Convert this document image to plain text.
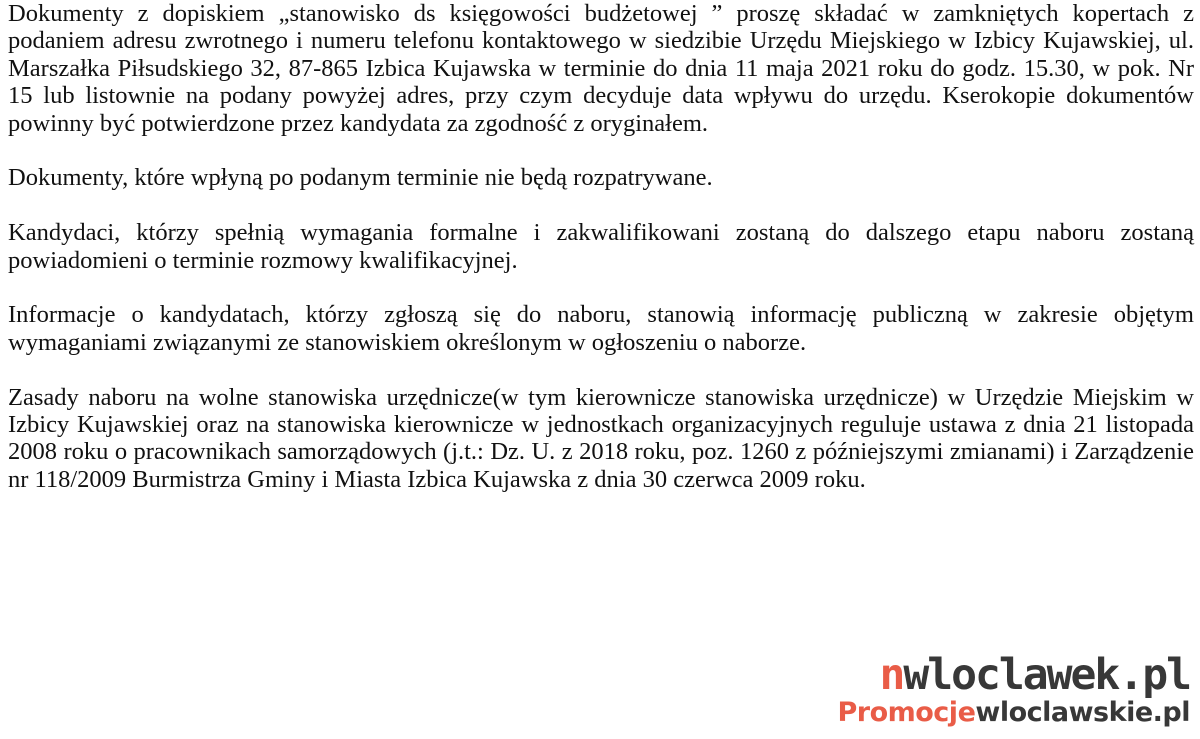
Dokumenty z dopiskiem „stanowisko ds księgowości budżetowej ” proszę składać w zamkniętych kopertach z podaniem adresu zwrotnego i numeru telefonu kontaktowego w siedzibie Urzędu Miejskiego w Izbicy Kujawskiej, ul. Marszałka Piłsudskiego 32, 87-865 Izbica Kujawska w terminie do dnia 11 maja 2021 roku do godz. 15.30, w pok. Nr 15 lub listownie na podany powyżej adres, przy czym decyduje data wpływu do urzędu. Kserokopie dokumentów powinny być potwierdzone przez kandydata za zgodność z oryginałem.

Dokumenty, które wpłyną po podanym terminie nie będą rozpatrywane.

Kandydaci, którzy spełnią wymagania formalne i zakwalifikowani zostaną do dalszego etapu naboru zostaną powiadomieni o terminie rozmowy kwalifikacyjnej.

Informacje o kandydatach, którzy zgłoszą się do naboru, stanowią informację publiczną w zakresie objętym wymaganiami związanymi ze stanowiskiem określonym w ogłoszeniu o naborze.

Zasady naboru na wolne stanowiska urzędnicze(w tym kierownicze stanowiska urzędnicze) w Urzędzie Miejskim w Izbicy Kujawskiej oraz na stanowiska kierownicze w jednostkach organizacyjnych reguluje ustawa z dnia 21 listopada 2008 roku o pracownikach samorządowych (j.t.: Dz. U. z 2018 roku, poz. 1260 z późniejszymi zmianami) i Zarządzenie nr 118/2009 Burmistrza Gminy i Miasta Izbica Kujawska z dnia 30 czerwca 2009 roku.

nwloclawek.pl
Promocjewloclawskie.pl
